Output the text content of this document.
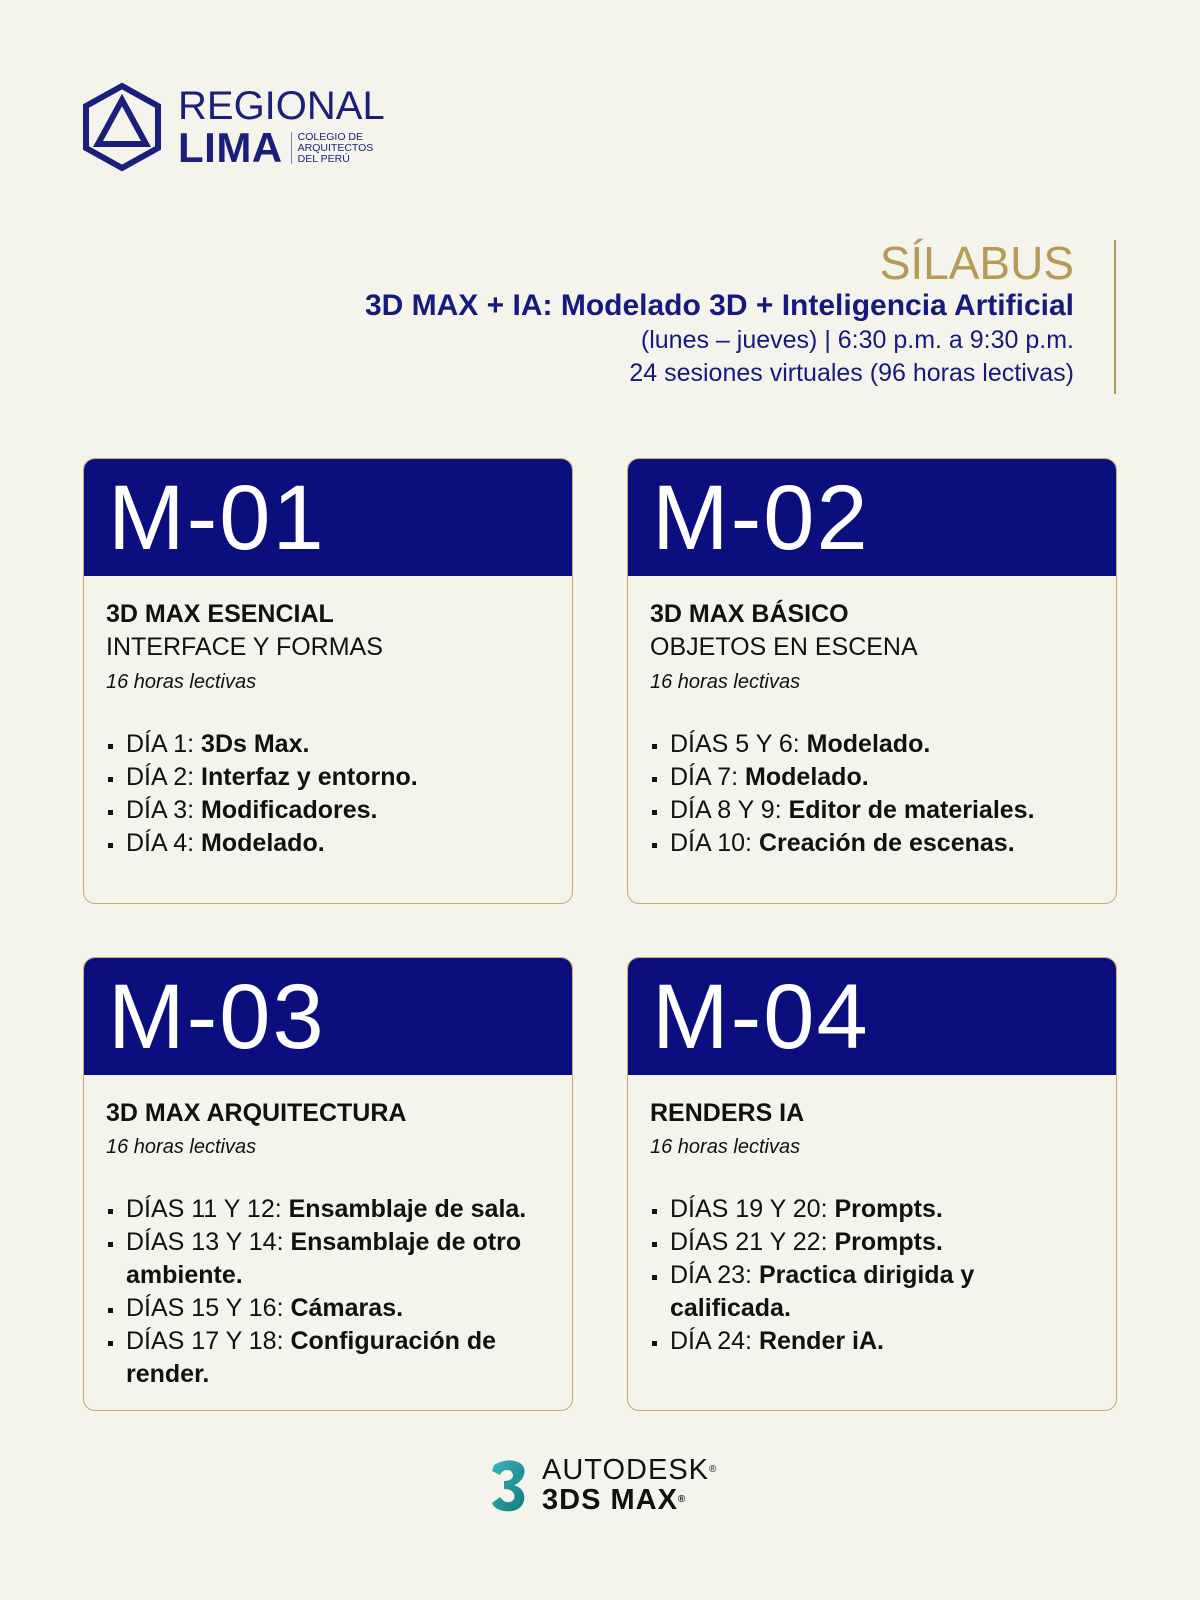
REGIONAL
LIMA COLEGIO DE
ARQUITECTOS
DEL PERÚ
SÍLABUS
3D MAX + IA: Modelado 3D + Inteligencia Artificial
(lunes – jueves) | 6:30 p.m. a 9:30 p.m.
24 sesiones virtuales (96 horas lectivas)
M-01
3D MAX ESENCIAL
INTERFACE Y FORMAS
16 horas lectivas
DÍA 1: 3Ds Max.
DÍA 2: Interfaz y entorno.
DÍA 3: Modificadores.
DÍA 4: Modelado.
M-02
3D MAX BÁSICO
OBJETOS EN ESCENA
16 horas lectivas
DÍAS 5 Y 6: Modelado.
DÍA 7: Modelado.
DÍA 8 Y 9: Editor de materiales.
DÍA 10: Creación de escenas.
M-03
3D MAX ARQUITECTURA
16 horas lectivas
DÍAS 11 Y 12: Ensamblaje de sala.
DÍAS 13 Y 14: Ensamblaje de otro ambiente.
DÍAS 15 Y 16: Cámaras.
DÍAS 17 Y 18: Configuración de render.
M-04
RENDERS IA
16 horas lectivas
DÍAS 19 Y 20: Prompts.
DÍAS 21 Y 22: Prompts.
DÍA 23: Practica dirigida y calificada.
DÍA 24: Render iA.
AUTODESK®
3DS MAX®
